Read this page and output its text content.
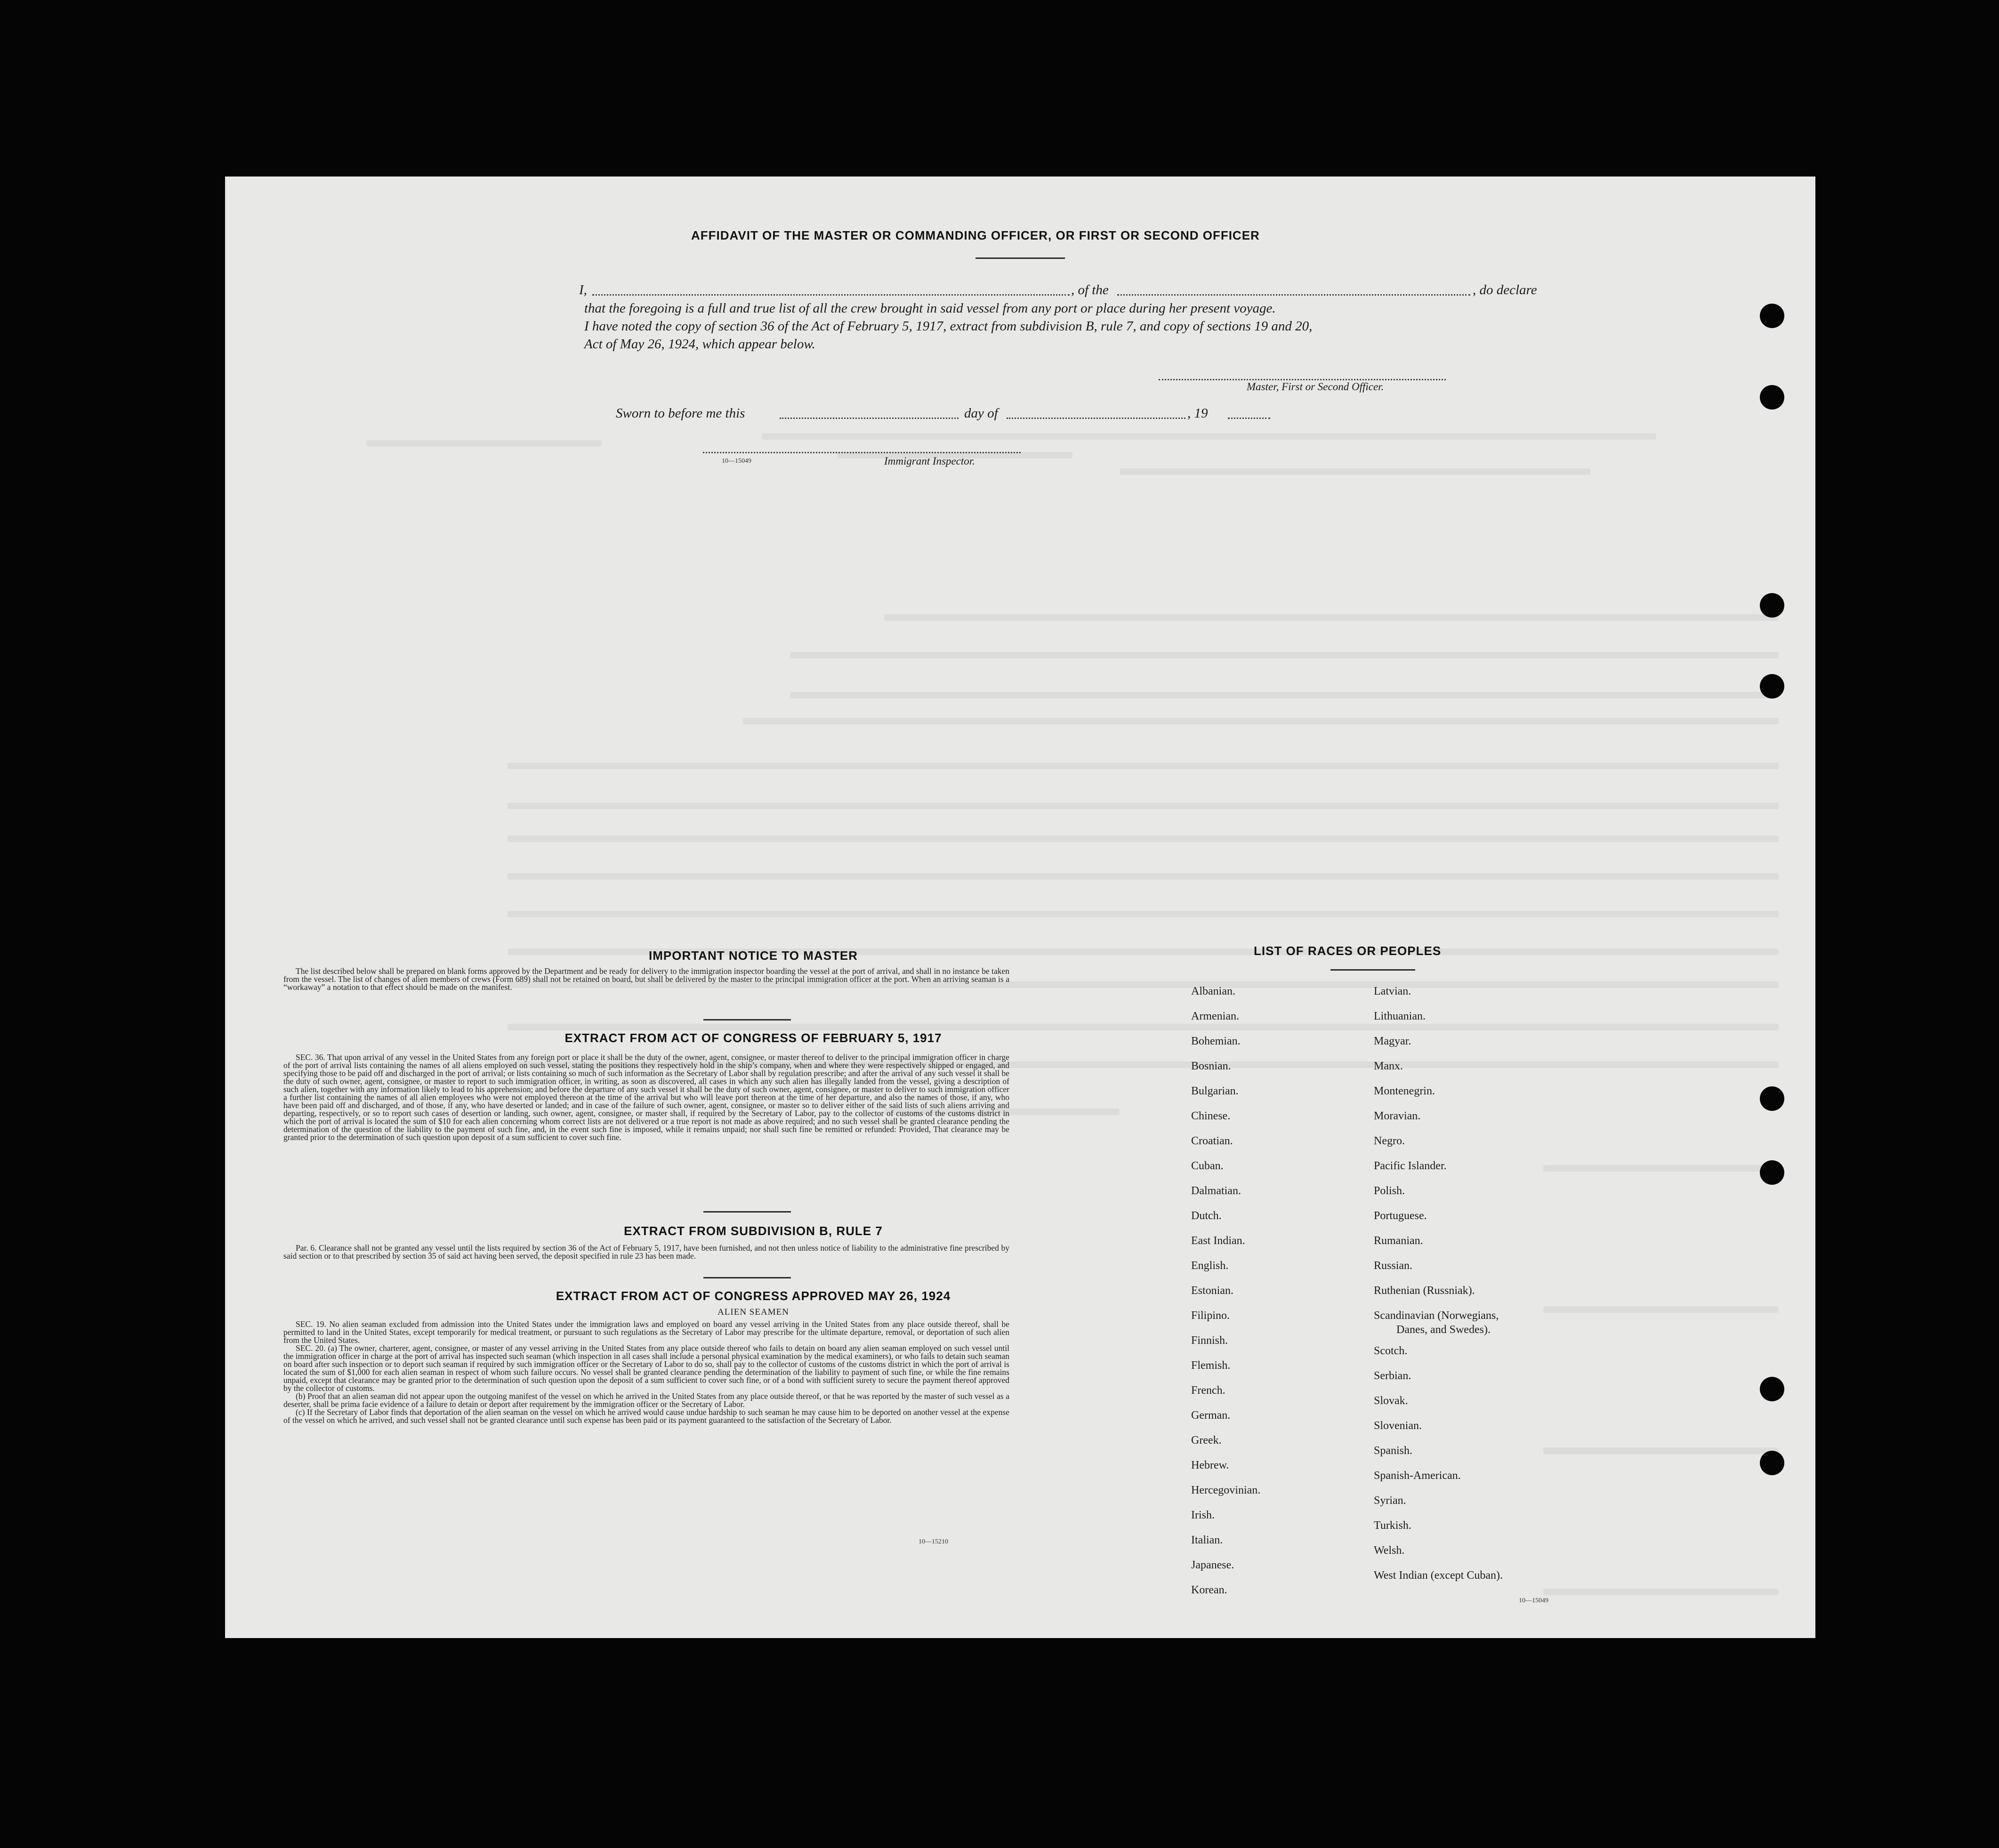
AFFIDAVIT OF THE MASTER OR COMMANDING OFFICER, OR FIRST OR SECOND OFFICER
I,	, of the	, do declare
that the foregoing is a full and true list of all the crew brought in said vessel from any port or place during her present voyage.
I have noted the copy of section 36 of the Act of February 5, 1917, extract from subdivision B, rule 7, and copy of sections 19 and 20,
Act of May 26, 1924, which appear below.
Master, First or Second Officer.
Sworn to before me this	day of	, 19
10—15049	Immigrant Inspector.
IMPORTANT NOTICE TO MASTER

The list described below shall be prepared on blank forms approved by the Department and be ready for delivery to the immigration inspector boarding the vessel at the port of arrival, and shall in no instance be taken from the vessel. The list of changes of alien members of crews (Form 689) shall not be retained on board, but shall be delivered by the master to the principal immigration officer at the port. When an arriving seaman is a “workaway” a notation to that effect should be made on the manifest.

EXTRACT FROM ACT OF CONGRESS OF FEBRUARY 5, 1917

SEC. 36. That upon arrival of any vessel in the United States from any foreign port or place it shall be the duty of the owner, agent, consignee, or master thereof to deliver to the principal immigration officer in charge of the port of arrival lists containing the names of all aliens employed on such vessel, stating the positions they respectively hold in the ship’s company, when and where they were respectively shipped or engaged, and specifying those to be paid off and discharged in the port of arrival; or lists containing so much of such information as the Secretary of Labor shall by regulation prescribe; and after the arrival of any such vessel it shall be the duty of such owner, agent, consignee, or master to report to such immigration officer, in writing, as soon as discovered, all cases in which any such alien has illegally landed from the vessel, giving a description of such alien, together with any information likely to lead to his apprehension; and before the departure of any such vessel it shall be the duty of such owner, agent, consignee, or master to deliver to such immigration officer a further list containing the names of all alien employees who were not employed thereon at the time of the arrival but who will leave port thereon at the time of her departure, and also the names of those, if any, who have been paid off and discharged, and of those, if any, who have deserted or landed; and in case of the failure of such owner, agent, consignee, or master so to deliver either of the said lists of such aliens arriving and departing, respectively, or so to report such cases of desertion or landing, such owner, agent, consignee, or master shall, if required by the Secretary of Labor, pay to the collector of customs of the customs district in which the port of arrival is located the sum of $10 for each alien concerning whom correct lists are not delivered or a true report is not made as above required; and no such vessel shall be granted clearance pending the determination of the question of the liability to the payment of such fine, and, in the event such fine is imposed, while it remains unpaid; nor shall such fine be remitted or refunded: Provided, That clearance may be granted prior to the determination of such question upon deposit of a sum sufficient to cover such fine.

EXTRACT FROM SUBDIVISION B, RULE 7

Par. 6. Clearance shall not be granted any vessel until the lists required by section 36 of the Act of February 5, 1917, have been furnished, and not then unless notice of liability to the administrative fine prescribed by said section or to that prescribed by section 35 of said act having been served, the deposit specified in rule 23 has been made.

EXTRACT FROM ACT OF CONGRESS APPROVED MAY 26, 1924
ALIEN SEAMEN

SEC. 19. No alien seaman excluded from admission into the United States under the immigration laws and employed on board any vessel arriving in the United States from any place outside thereof, shall be permitted to land in the United States, except temporarily for medical treatment, or pursuant to such regulations as the Secretary of Labor may prescribe for the ultimate departure, removal, or deportation of such alien from the United States.

SEC. 20. (a) The owner, charterer, agent, consignee, or master of any vessel arriving in the United States from any place outside thereof who fails to detain on board any alien seaman employed on such vessel until the immigration officer in charge at the port of arrival has inspected such seaman (which inspection in all cases shall include a personal physical examination by the medical examiners), or who fails to detain such seaman on board after such inspection or to deport such seaman if required by such immigration officer or the Secretary of Labor to do so, shall pay to the collector of customs of the customs district in which the port of arrival is located the sum of $1,000 for each alien seaman in respect of whom such failure occurs. No vessel shall be granted clearance pending the determination of the liability to payment of such fine, or while the fine remains unpaid, except that clearance may be granted prior to the determination of such question upon the deposit of a sum sufficient to cover such fine, or of a bond with sufficient surety to secure the payment thereof approved by the collector of customs.

(b) Proof that an alien seaman did not appear upon the outgoing manifest of the vessel on which he arrived in the United States from any place outside thereof, or that he was reported by the master of such vessel as a deserter, shall be prima facie evidence of a failure to detain or deport after requirement by the immigration officer or the Secretary of Labor.

(c) If the Secretary of Labor finds that deportation of the alien seaman on the vessel on which he arrived would cause undue hardship to such seaman he may cause him to be deported on another vessel at the expense of the vessel on which he arrived, and such vessel shall not be granted clearance until such expense has been paid or its payment guaranteed to the satisfaction of the Secretary of Labor.

10—15210
LIST OF RACES OR PEOPLES
Albanian.
Armenian.
Bohemian.
Bosnian.
Bulgarian.
Chinese.
Croatian.
Cuban.
Dalmatian.
Dutch.
East Indian.
English.
Estonian.
Filipino.
Finnish.
Flemish.
French.
German.
Greek.
Hebrew.
Hercegovinian.
Irish.
Italian.
Japanese.
Korean.
Latvian.
Lithuanian.
Magyar.
Manx.
Montenegrin.
Moravian.
Negro.
Pacific Islander.
Polish.
Portuguese.
Rumanian.
Russian.
Ruthenian (Russniak).
Scandinavian (Norwegians,
Danes, and Swedes).
Scotch.
Serbian.
Slovak.
Slovenian.
Spanish.
Spanish-American.
Syrian.
Turkish.
Welsh.
West Indian (except Cuban).
10—15049
